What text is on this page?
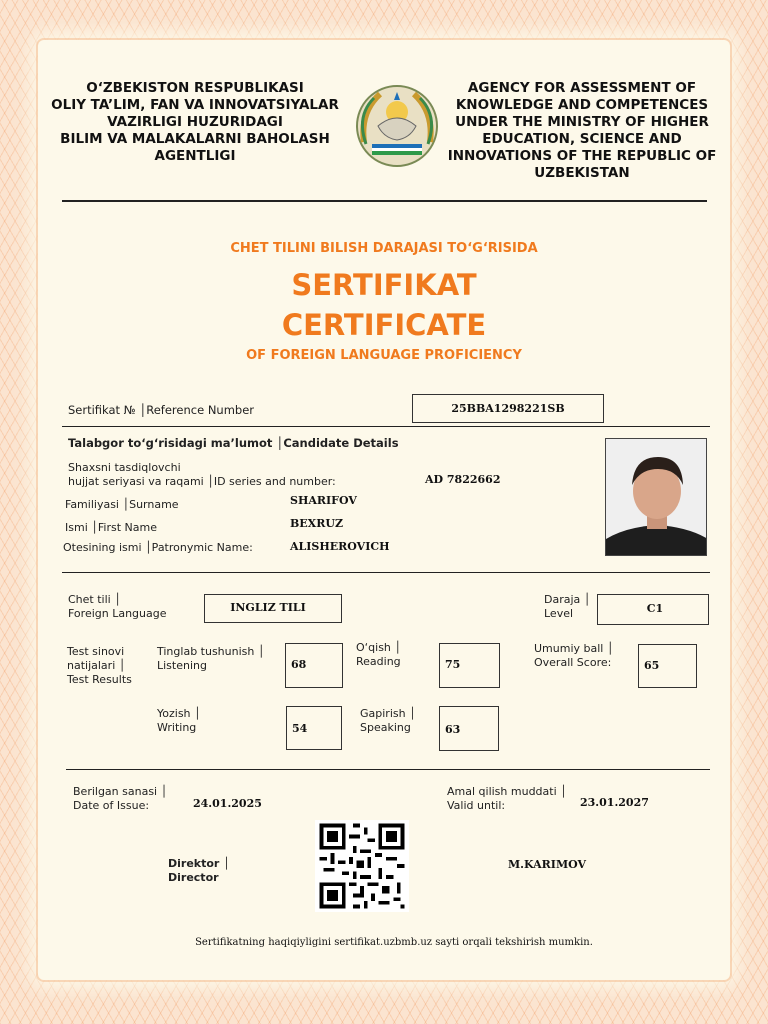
O‘ZBEKISTON RESPUBLIKASI
OLIY TA’LIM, FAN VA INNOVATSIYALAR
VAZIRLIGI HUZURIDAGI
BILIM VA MALAKALARNI BAHOLASH
AGENTLIGI
AGENCY FOR ASSESSMENT OF
KNOWLEDGE AND COMPETENCES
UNDER THE MINISTRY OF HIGHER
EDUCATION, SCIENCE AND
INNOVATIONS OF THE REPUBLIC OF
UZBEKISTAN
CHET TILINI BILISH DARAJASI TO‘G‘RISIDA
SERTIFIKAT
CERTIFICATE
OF FOREIGN LANGUAGE PROFICIENCY
Sertifikat № │Reference Number	25BBA1298221SB
Talabgor to‘g‘risidagi ma’lumot │Candidate Details
Shaxsni tasdiqlovchi
hujjat seriyasi va raqami │ID series and number:	AD 7822662
Familiyasi │Surname	SHARIFOV
Ismi │First Name	BEXRUZ
Otesining ismi │Patronymic Name:	ALISHEROVICH
Chet tili │
Foreign Language	INGLIZ TILI
Daraja │
Level	C1
Test sinovi
natijalari │
Test Results
Tinglab tushunish │
Listening	68
O‘qish │
Reading	75
Umumiy ball │
Overall Score:	65
Yozish │
Writing	54
Gapirish │
Speaking	63
Berilgan sanasi │
Date of Issue:	24.01.2025
Amal qilish muddati │
Valid until:	23.01.2027
Direktor │
Director
M.KARIMOV
Sertifikatning haqiqiyligini sertifikat.uzbmb.uz sayti orqali tekshirish mumkin.
